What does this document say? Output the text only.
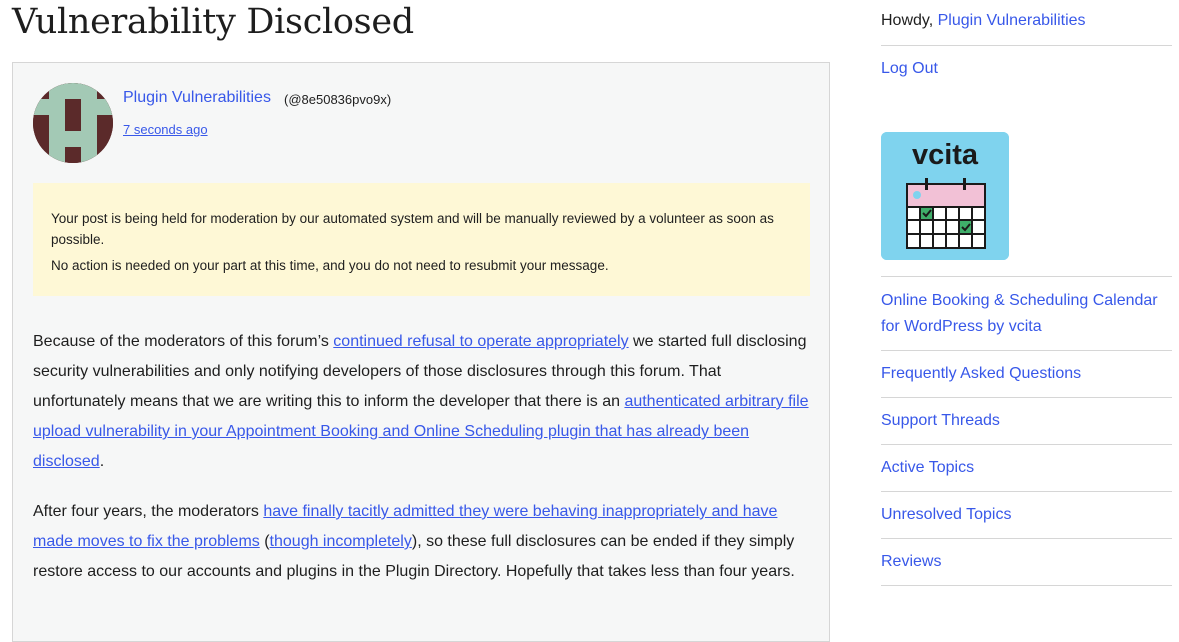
Vulnerability Disclosed
Plugin Vulnerabilities (@8e50836pvo9x)
7 seconds ago

Your post is being held for moderation by our automated system and will be manually reviewed by a volunteer as soon as possible.

No action is needed on your part at this time, and you do not need to resubmit your message.

Because of the moderators of this forum’s continued refusal to operate appropriately we started full disclosing security vulnerabilities and only notifying developers of those disclosures through this forum. That unfortunately means that we are writing this to inform the developer that there is an authenticated arbitrary file upload vulnerability in your Appointment Booking and Online Scheduling plugin that has already been disclosed.

After four years, the moderators have finally tacitly admitted they were behaving inappropriately and have made moves to fix the problems (though incompletely), so these full disclosures can be ended if they simply restore access to our accounts and plugins in the Plugin Directory. Hopefully that takes less than four years.

Howdy, Plugin Vulnerabilities
Log Out
vcita
Online Booking & Scheduling Calendar for WordPress by vcita
Frequently Asked Questions
Support Threads
Active Topics
Unresolved Topics
Reviews
